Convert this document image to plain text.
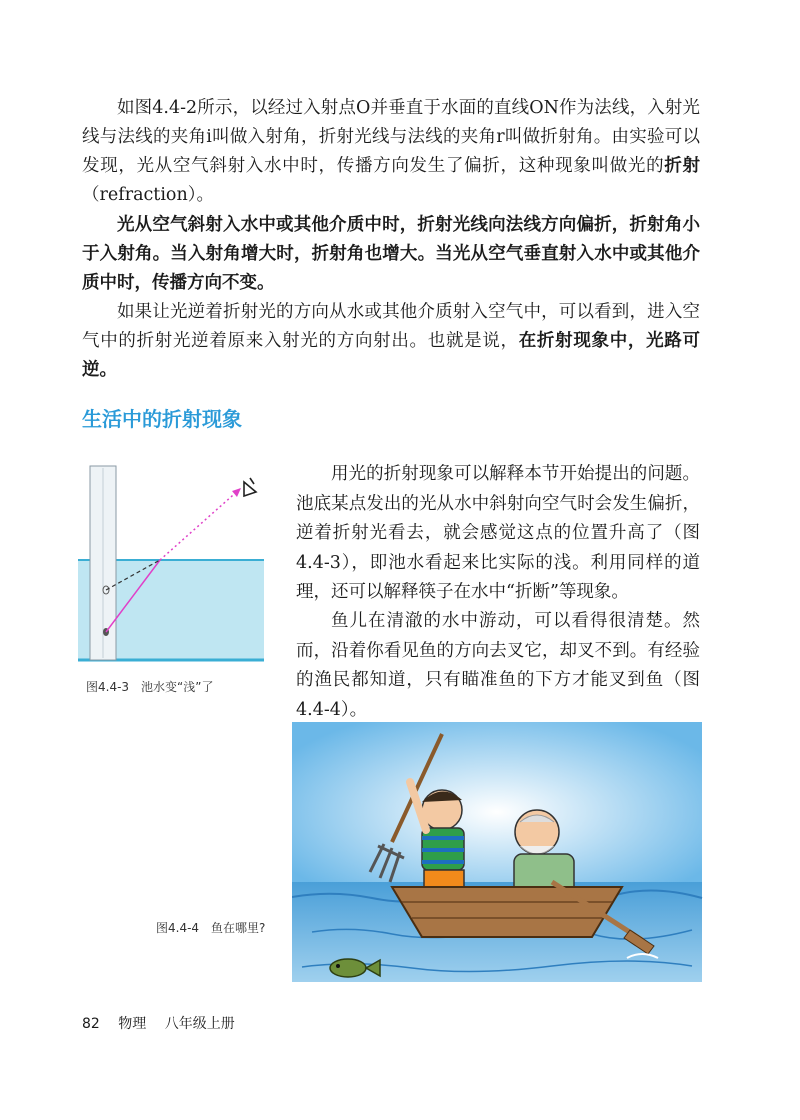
如图4.4-2所示，以经过入射点O并垂直于水面的直线ON作为法线，入射光线与法线的夹角i叫做入射角，折射光线与法线的夹角r叫做折射角。由实验可以发现，光从空气斜射入水中时，传播方向发生了偏折，这种现象叫做光的折射（refraction）。

光从空气斜射入水中或其他介质中时，折射光线向法线方向偏折，折射角小于入射角。当入射角增大时，折射角也增大。当光从空气垂直射入水中或其他介质中时，传播方向不变。

如果让光逆着折射光的方向从水或其他介质射入空气中，可以看到，进入空气中的折射光逆着原来入射光的方向射出。也就是说，在折射现象中，光路可逆。

生活中的折射现象
图4.4-3　池水变“浅”了

用光的折射现象可以解释本节开始提出的问题。池底某点发出的光从水中斜射向空气时会发生偏折，逆着折射光看去，就会感觉这点的位置升高了（图4.4-3），即池水看起来比实际的浅。利用同样的道理，还可以解释筷子在水中“折断”等现象。

鱼儿在清澈的水中游动，可以看得很清楚。然而，沿着你看见鱼的方向去叉它，却叉不到。有经验的渔民都知道，只有瞄准鱼的下方才能叉到鱼（图4.4-4）。

图4.4-4　鱼在哪里?
82 物理 八年级上册
